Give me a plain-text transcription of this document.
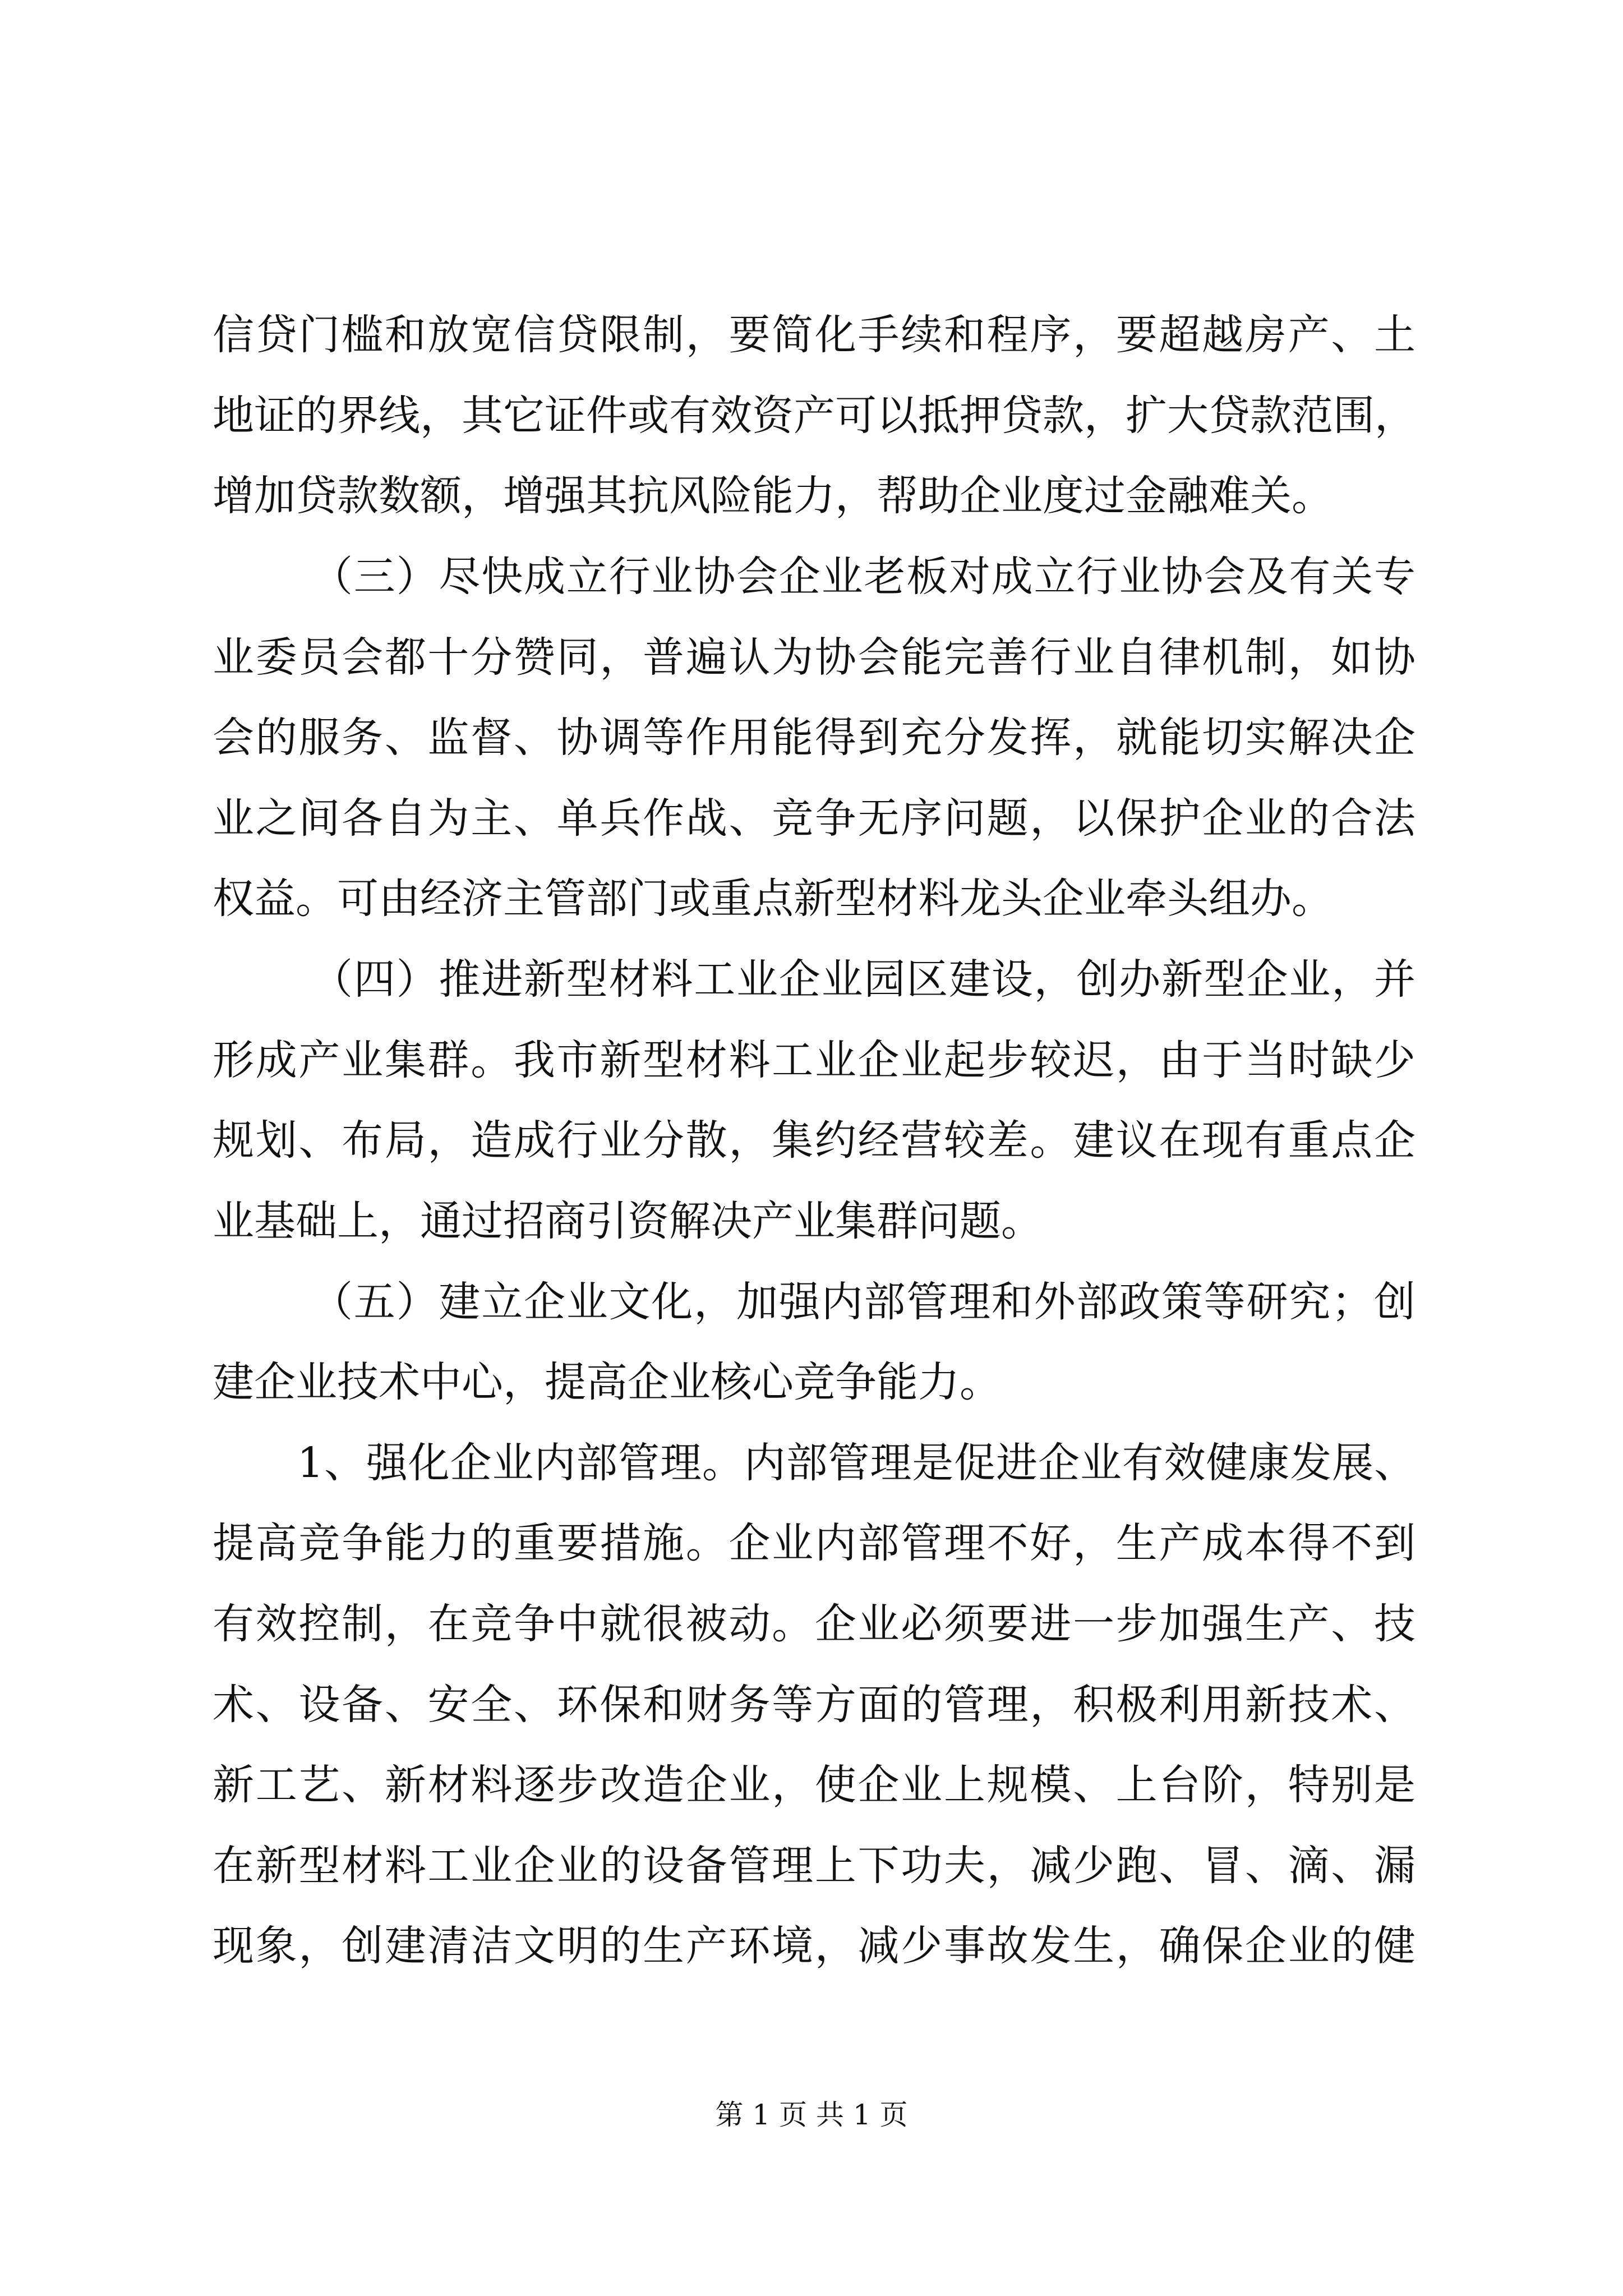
信贷门槛和放宽信贷限制，要简化手续和程序，要超越房产、土

地证的界线，其它证件或有效资产可以抵押贷款，扩大贷款范围，

增加贷款数额，增强其抗风险能力，帮助企业度过金融难关。

（三）尽快成立行业协会企业老板对成立行业协会及有关专

业委员会都十分赞同，普遍认为协会能完善行业自律机制，如协

会的服务、监督、协调等作用能得到充分发挥，就能切实解决企

业之间各自为主、单兵作战、竞争无序问题，以保护企业的合法

权益。可由经济主管部门或重点新型材料龙头企业牵头组办。

（四）推进新型材料工业企业园区建设，创办新型企业，并

形成产业集群。我市新型材料工业企业起步较迟，由于当时缺少

规划、布局，造成行业分散，集约经营较差。建议在现有重点企

业基础上，通过招商引资解决产业集群问题。

（五）建立企业文化，加强内部管理和外部政策等研究；创

建企业技术中心，提高企业核心竞争能力。

1、强化企业内部管理。内部管理是促进企业有效健康发展、

提高竞争能力的重要措施。企业内部管理不好，生产成本得不到

有效控制，在竞争中就很被动。企业必须要进一步加强生产、技

术、设备、安全、环保和财务等方面的管理，积极利用新技术、

新工艺、新材料逐步改造企业，使企业上规模、上台阶，特别是

在新型材料工业企业的设备管理上下功夫，减少跑、冒、滴、漏

现象，创建清洁文明的生产环境，减少事故发生，确保企业的健

第 1 页 共 1 页
